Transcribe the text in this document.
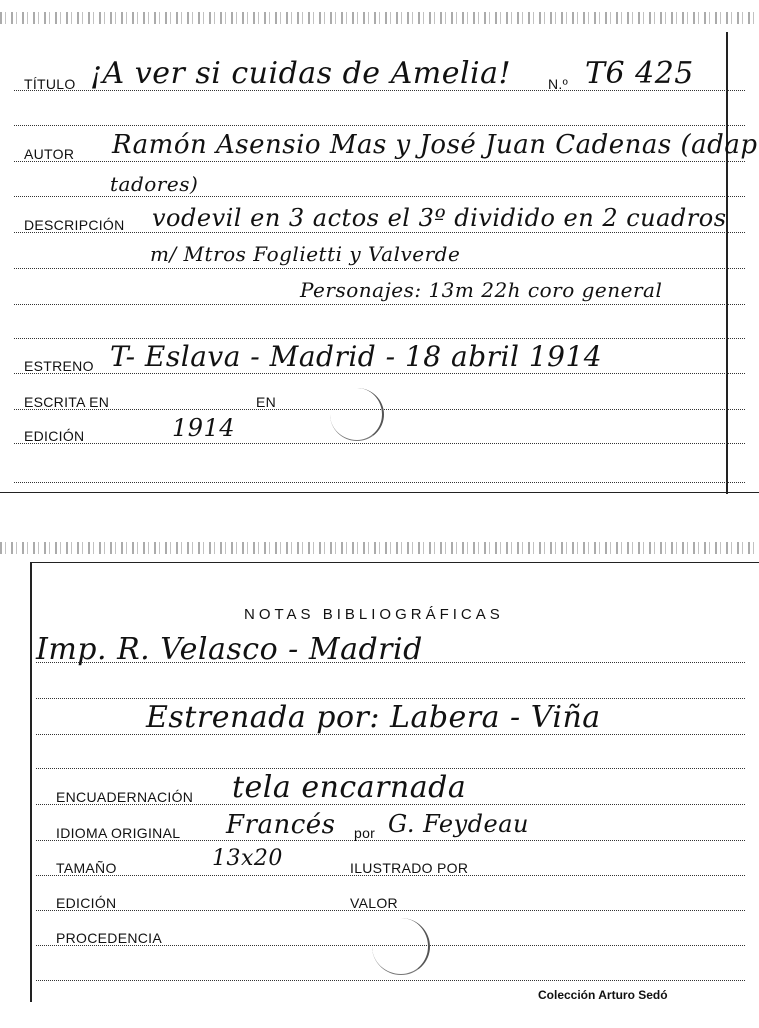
TÍTULO ¡A ver si cuidas de Amelia!	N.º T6 425
AUTOR Ramón Asensio Mas y José Juan Cadenas (adap
tadores)
DESCRIPCIÓN vodevil en 3 actos el 3º dividido en 2 cuadros
m/ Mtros Foglietti y Valverde
Personajes: 13m 22h coro general
ESTRENO T- Eslava - Madrid - 18 abril 1914
ESCRITA EN	EN
EDICIÓN	1914
NOTAS BIBLIOGRÁFICAS
Imp. R. Velasco - Madrid
Estrenada por: Labera - Viña
ENCUADERNACIÓN tela encarnada
IDIOMA ORIGINAL Francés por G. Feydeau
TAMAÑO	13x20	ILUSTRADO POR
EDICIÓN	VALOR
PROCEDENCIA
Colección Arturo Sedó
